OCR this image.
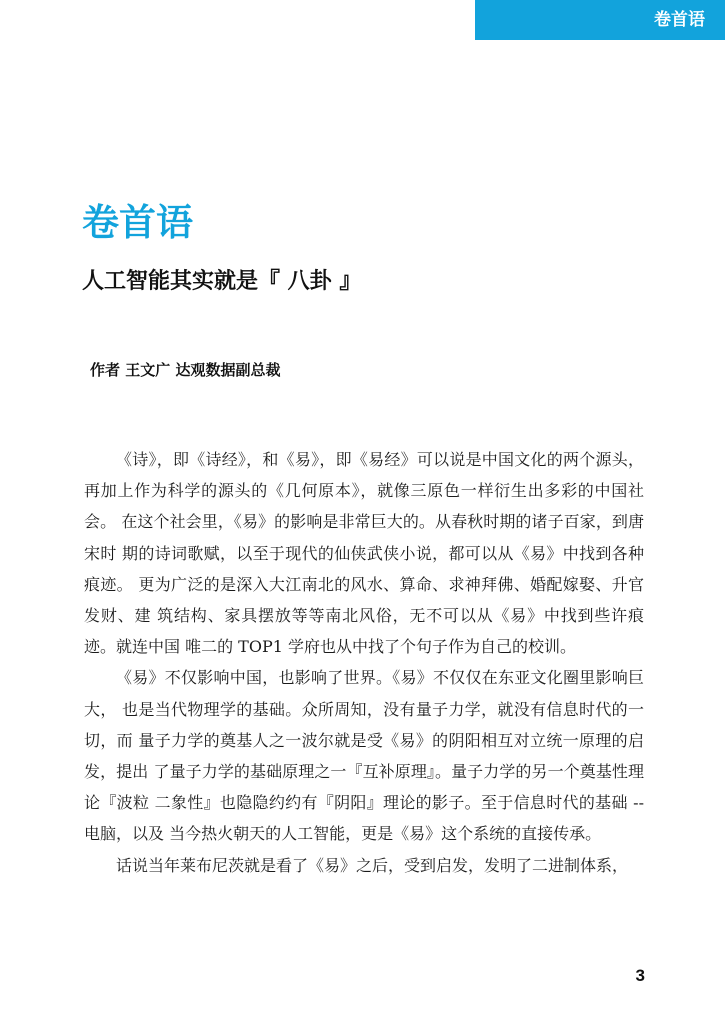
卷首语
卷首语
人工智能其实就是『 八卦 』

作者 王文广 达观数据副总裁

《诗》，即《诗经》，和《易》，即《易经》可以说是中国文化的两个源头，再加上作为科学的源头的《几何原本》，就像三原色一样衍生出多彩的中国社会。 在这个社会里，《易》的影响是非常巨大的。从春秋时期的诸子百家，到唐宋时 期的诗词歌赋，以至于现代的仙侠武侠小说，都可以从《易》中找到各种痕迹。 更为广泛的是深入大江南北的风水、算命、求神拜佛、婚配嫁娶、升官发财、建 筑结构、家具摆放等等南北风俗，无不可以从《易》中找到些许痕迹。就连中国 唯二的 TOP1 学府也从中找了个句子作为自己的校训。

《易》不仅影响中国，也影响了世界。《易》不仅仅在东亚文化圈里影响巨大， 也是当代物理学的基础。众所周知，没有量子力学，就没有信息时代的一切，而 量子力学的奠基人之一波尔就是受《易》的阴阳相互对立统一原理的启发，提出 了量子力学的基础原理之一『互补原理』。量子力学的另一个奠基性理论『波粒 二象性』也隐隐约约有『阴阳』理论的影子。至于信息时代的基础 -- 电脑，以及 当今热火朝天的人工智能，更是《易》这个系统的直接传承。

话说当年莱布尼茨就是看了《易》之后，受到启发，发明了二进制体系，

3
